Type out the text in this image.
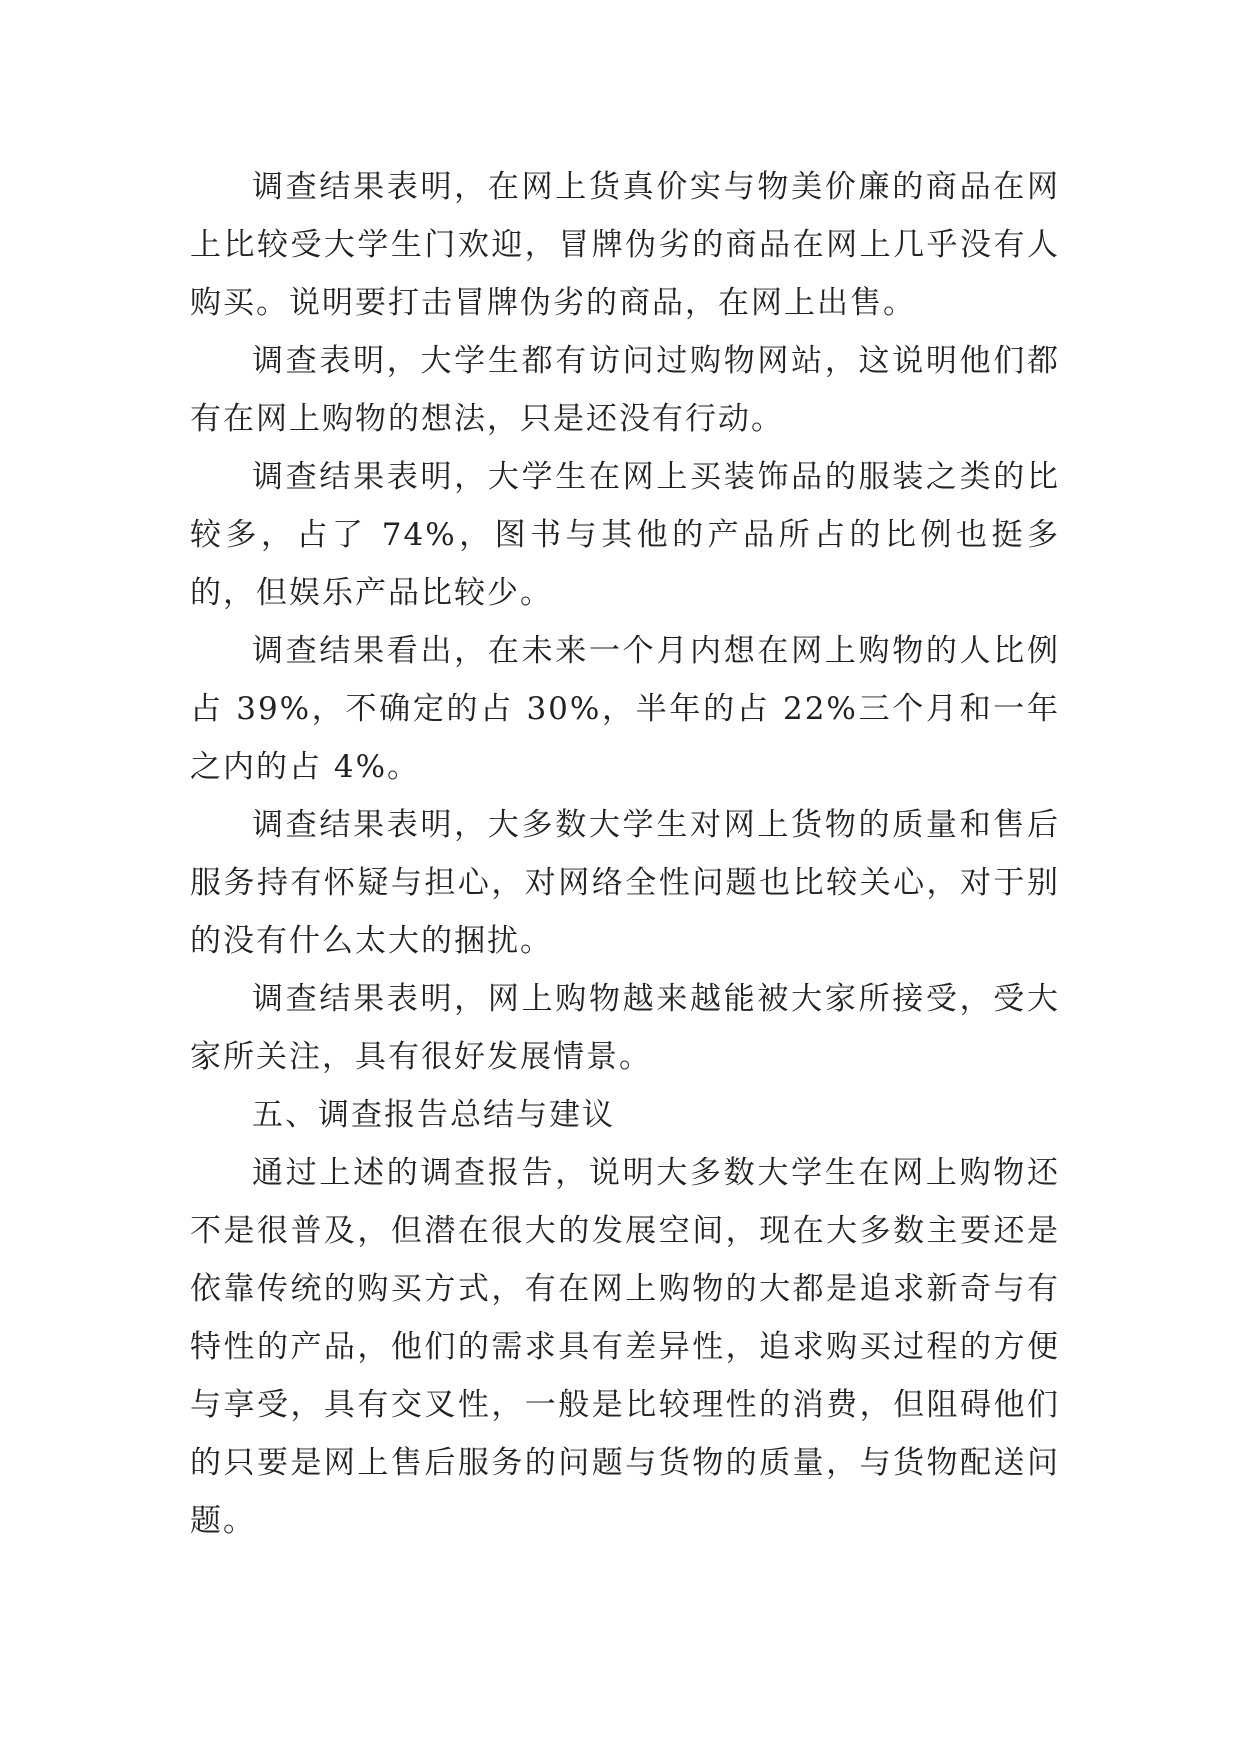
调查结果表明，在网上货真价实与物美价廉的商品在网上比较受大学生门欢迎，冒牌伪劣的商品在网上几乎没有人购买。说明要打击冒牌伪劣的商品，在网上出售。

调查表明，大学生都有访问过购物网站，这说明他们都有在网上购物的想法，只是还没有行动。

调查结果表明，大学生在网上买装饰品的服装之类的比较多，占了 74%，图书与其他的产品所占的比例也挺多的，但娱乐产品比较少。

调查结果看出，在未来一个月内想在网上购物的人比例占 39%，不确定的占 30%，半年的占 22%三个月和一年之内的占 4%。

调查结果表明，大多数大学生对网上货物的质量和售后服务持有怀疑与担心，对网络全性问题也比较关心，对于别的没有什么太大的捆扰。

调查结果表明，网上购物越来越能被大家所接受，受大家所关注，具有很好发展情景。

五、调查报告总结与建议

通过上述的调查报告，说明大多数大学生在网上购物还不是很普及，但潜在很大的发展空间，现在大多数主要还是依靠传统的购买方式，有在网上购物的大都是追求新奇与有特性的产品，他们的需求具有差异性，追求购买过程的方便与享受，具有交叉性，一般是比较理性的消费，但阻碍他们的只要是网上售后服务的问题与货物的质量，与货物配送问题。
